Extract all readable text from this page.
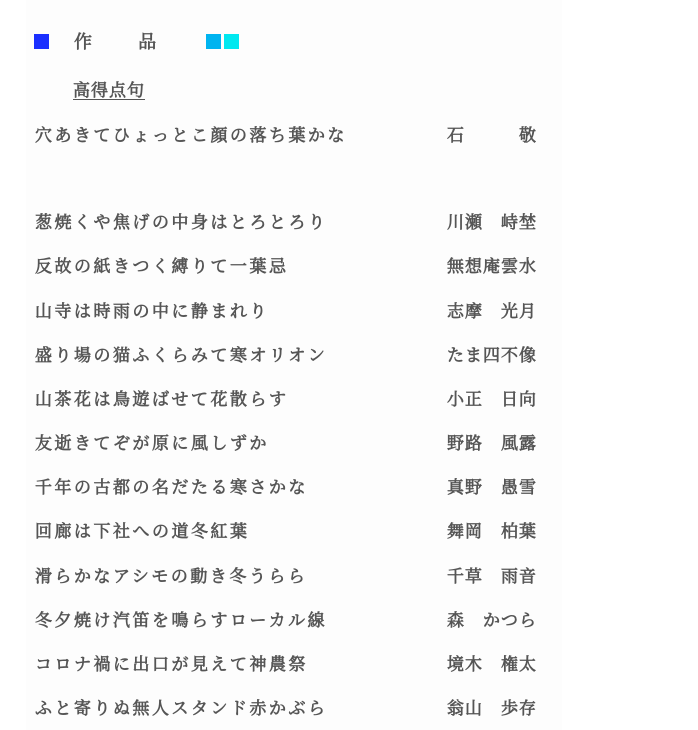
作 品
高得点句
穴あきてひょっとこ顔の落ち葉かな	石　　　敬
葱焼くや焦げの中身はとろとろり	川瀬　峙埜
反故の紙きつく縛りて一葉忌	無想庵雲水
山寺は時雨の中に静まれり	志摩　光月
盛り場の猫ふくらみて寒オリオン	たま四不像
山茶花は鳥遊ばせて花散らす	小正　日向
友逝きてぞが原に風しずか	野路　風露
千年の古都の名だたる寒さかな	真野　愚雪
回廊は下社への道冬紅葉	舞岡　柏葉
滑らかなアシモの動き冬うらら	千草　雨音
冬夕焼け汽笛を鳴らすローカル線	森　かつら
コロナ禍に出口が見えて神農祭	境木　権太
ふと寄りぬ無人スタンド赤かぶら	翁山　歩存
